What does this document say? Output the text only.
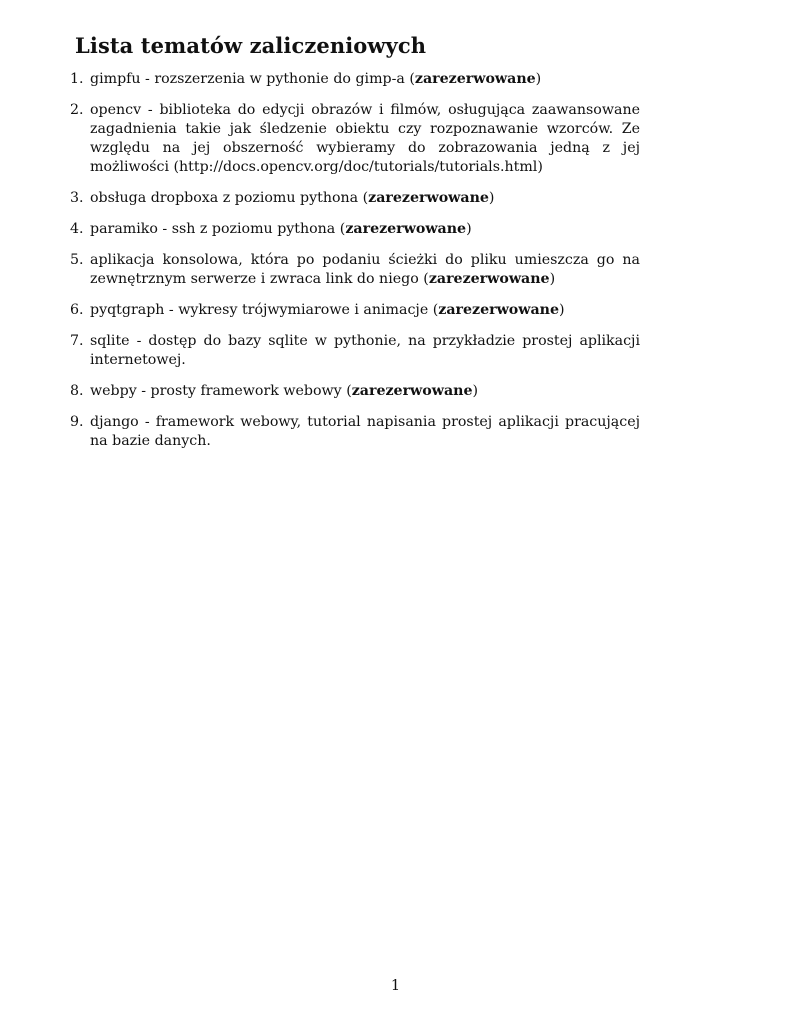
Lista tematów zaliczeniowych
1. gimpfu - rozszerzenia w pythonie do gimp-a (zarezerwowane)
2. opencv - biblioteka do edycji obrazów i filmów, osługująca zaawansowane zagadnienia takie jak śledzenie obiektu czy rozpoznawanie wzorców. Ze względu na jej obszerność wybieramy do zobrazowania jedną z jej możliwości (http://docs.opencv.org/doc/tutorials/tutorials.html)
3. obsługa dropboxa z poziomu pythona (zarezerwowane)
4. paramiko - ssh z poziomu pythona (zarezerwowane)
5. aplikacja konsolowa, która po podaniu ścieżki do pliku umieszcza go na zewnętrznym serwerze i zwraca link do niego (zarezerwowane)
6. pyqtgraph - wykresy trójwymiarowe i animacje (zarezerwowane)
7. sqlite - dostęp do bazy sqlite w pythonie, na przykładzie prostej aplikacji internetowej.
8. webpy - prosty framework webowy (zarezerwowane)
9. django - framework webowy, tutorial napisania prostej aplikacji pracującej na bazie danych.
1
